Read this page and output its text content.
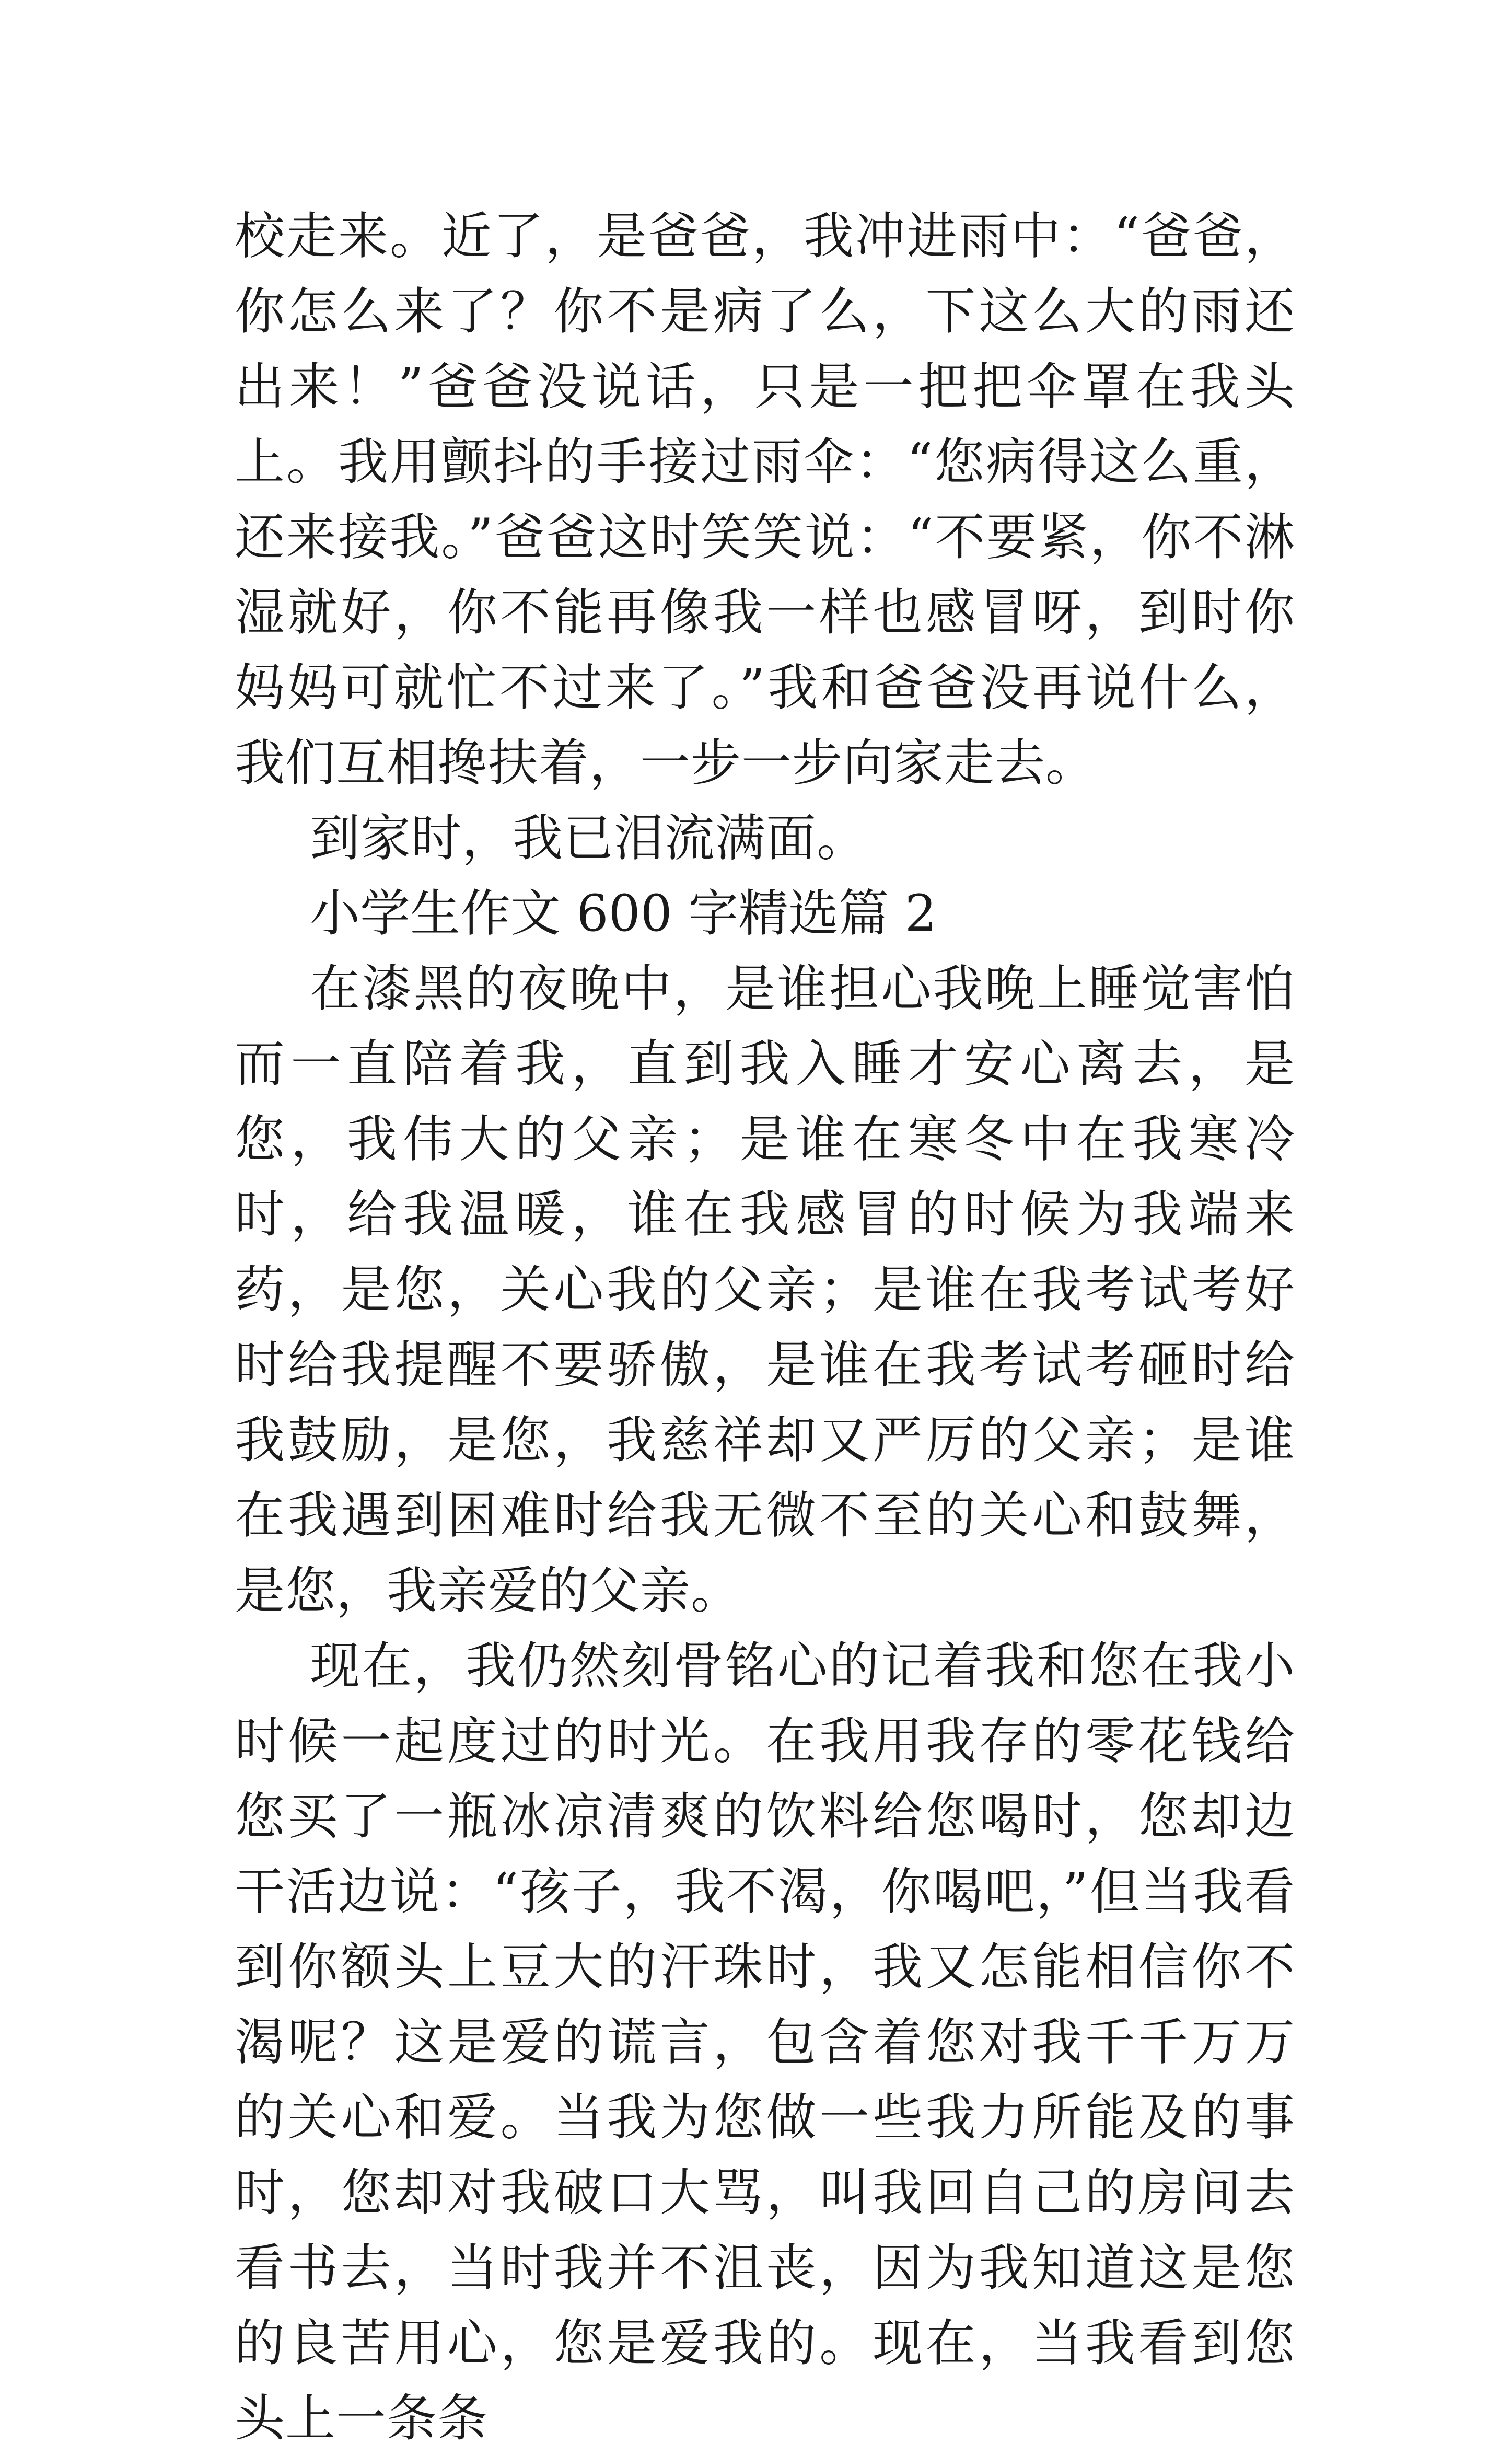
校走来。近了，是爸爸，我冲进雨中：“爸爸，你怎么来了？你不是病了么，下这么大的雨还出来！”爸爸没说话，只是一把把伞罩在我头上。我用颤抖的手接过雨伞：“您病得这么重，还来接我。”爸爸这时笑笑说：“不要紧，你不淋湿就好，你不能再像我一样也感冒呀，到时你妈妈可就忙不过来了。”我和爸爸没再说什么，我们互相搀扶着，一步一步向家走去。

到家时，我已泪流满面。

小学生作文 600 字精选篇 2

在漆黑的夜晚中，是谁担心我晚上睡觉害怕而一直陪着我，直到我入睡才安心离去，是您，我伟大的父亲；是谁在寒冬中在我寒冷时，给我温暖，谁在我感冒的时候为我端来药，是您，关心我的父亲；是谁在我考试考好时给我提醒不要骄傲，是谁在我考试考砸时给我鼓励，是您，我慈祥却又严厉的父亲；是谁在我遇到困难时给我无微不至的关心和鼓舞，是您，我亲爱的父亲。

现在，我仍然刻骨铭心的记着我和您在我小时候一起度过的时光。在我用我存的零花钱给您买了一瓶冰凉清爽的饮料给您喝时，您却边干活边说：“孩子，我不渴，你喝吧，”但当我看到你额头上豆大的汗珠时，我又怎能相信你不渴呢？这是爱的谎言，包含着您对我千千万万的关心和爱。当我为您做一些我力所能及的事时，您却对我破口大骂，叫我回自己的房间去看书去，当时我并不沮丧，因为我知道这是您的良苦用心，您是爱我的。现在，当我看到您头上一条条
